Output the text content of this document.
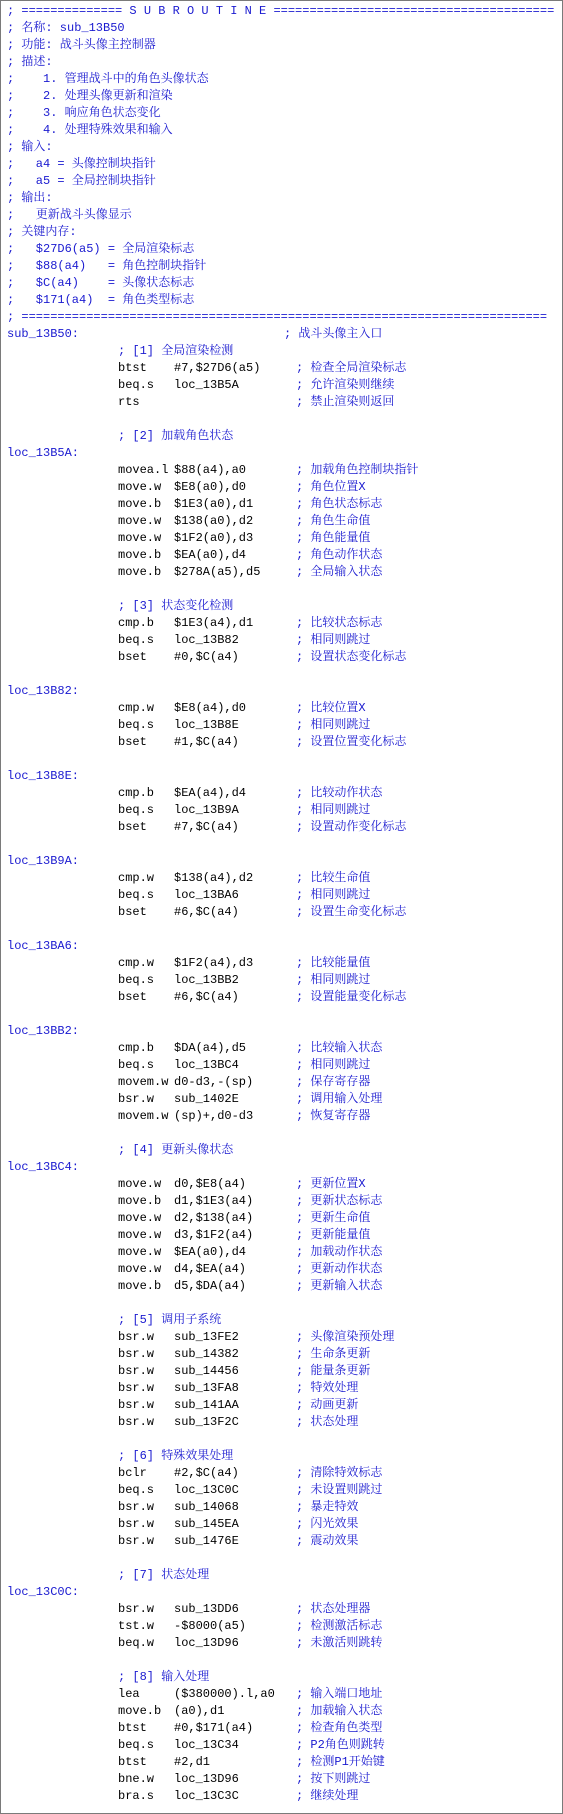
; ============== S U B R O U T I N E =======================================
; 名称: sub_13B50
; 功能: 战斗头像主控制器
; 描述:
;    1. 管理战斗中的角色头像状态
;    2. 处理头像更新和渲染
;    3. 响应角色状态变化
;    4. 处理特殊效果和输入
; 输入:
;   a4 = 头像控制块指针
;   a5 = 全局控制块指针
; 输出:
;   更新战斗头像显示
; 关键内存:
;   $27D6(a5) = 全局渲染标志
;   $88(a4)   = 角色控制块指针
;   $C(a4)    = 头像状态标志
;   $171(a4)  = 角色类型标志
; =========================================================================
sub_13B50:	; 战斗头像主入口
; [1] 全局渲染检测
btst #7,$27D6(a5)	; 检查全局渲染标志
beq.s loc_13B5A	; 允许渲染则继续
rts	; 禁止渲染则返回
; [2] 加载角色状态
loc_13B5A:
movea.l $88(a4),a0	; 加载角色控制块指针
move.w $E8(a0),d0	; 角色位置X
move.b $1E3(a0),d1	; 角色状态标志
move.w $138(a0),d2	; 角色生命值
move.w $1F2(a0),d3	; 角色能量值
move.b $EA(a0),d4	; 角色动作状态
move.b $278A(a5),d5	; 全局输入状态
; [3] 状态变化检测
cmp.b $1E3(a4),d1	; 比较状态标志
beq.s loc_13B82	; 相同则跳过
bset #0,$C(a4)	; 设置状态变化标志
loc_13B82:
cmp.w $E8(a4),d0	; 比较位置X
beq.s loc_13B8E	; 相同则跳过
bset #1,$C(a4)	; 设置位置变化标志
loc_13B8E:
cmp.b $EA(a4),d4	; 比较动作状态
beq.s loc_13B9A	; 相同则跳过
bset #7,$C(a4)	; 设置动作变化标志
loc_13B9A:
cmp.w $138(a4),d2	; 比较生命值
beq.s loc_13BA6	; 相同则跳过
bset #6,$C(a4)	; 设置生命变化标志
loc_13BA6:
cmp.w $1F2(a4),d3	; 比较能量值
beq.s loc_13BB2	; 相同则跳过
bset #6,$C(a4)	; 设置能量变化标志
loc_13BB2:
cmp.b $DA(a4),d5	; 比较输入状态
beq.s loc_13BC4	; 相同则跳过
movem.w d0-d3,-(sp)	; 保存寄存器
bsr.w sub_1402E	; 调用输入处理
movem.w (sp)+,d0-d3	; 恢复寄存器
; [4] 更新头像状态
loc_13BC4:
move.w d0,$E8(a4)	; 更新位置X
move.b d1,$1E3(a4)	; 更新状态标志
move.w d2,$138(a4)	; 更新生命值
move.w d3,$1F2(a4)	; 更新能量值
move.w $EA(a0),d4	; 加载动作状态
move.w d4,$EA(a4)	; 更新动作状态
move.b d5,$DA(a4)	; 更新输入状态
; [5] 调用子系统
bsr.w sub_13FE2	; 头像渲染预处理
bsr.w sub_14382	; 生命条更新
bsr.w sub_14456	; 能量条更新
bsr.w sub_13FA8	; 特效处理
bsr.w sub_141AA	; 动画更新
bsr.w sub_13F2C	; 状态处理
; [6] 特殊效果处理
bclr #2,$C(a4)	; 清除特效标志
beq.s loc_13C0C	; 未设置则跳过
bsr.w sub_14068	; 暴走特效
bsr.w sub_145EA	; 闪光效果
bsr.w sub_1476E	; 震动效果
; [7] 状态处理
loc_13C0C:
bsr.w sub_13DD6	; 状态处理器
tst.w -$8000(a5)	; 检测激活标志
beq.w loc_13D96	; 未激活则跳转
; [8] 输入处理
lea	($380000).l,a0 ; 输入端口地址
move.b (a0),d1	; 加载输入状态
btst #0,$171(a4)	; 检查角色类型
beq.s loc_13C34	; P2角色则跳转
btst #2,d1	; 检测P1开始键
bne.w loc_13D96	; 按下则跳过
bra.s loc_13C3C	; 继续处理
